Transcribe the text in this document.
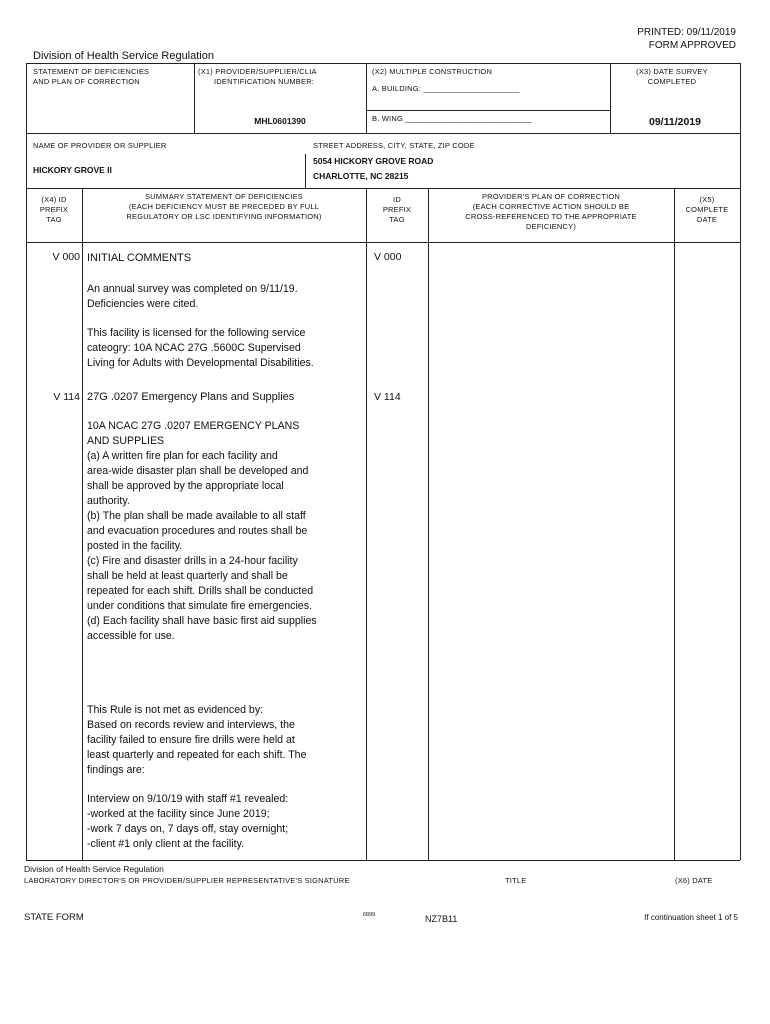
PRINTED: 09/11/2019
FORM APPROVED
Division of Health Service Regulation
STATEMENT OF DEFICIENCIES
AND PLAN OF CORRECTION
(X1) PROVIDER/SUPPLIER/CLIA
IDENTIFICATION NUMBER:
MHL0601390
(X2) MULTIPLE CONSTRUCTION
A. BUILDING: ______________________
B. WING _____________________________
(X3) DATE SURVEY
COMPLETED
09/11/2019
NAME OF PROVIDER OR SUPPLIER
HICKORY GROVE II
STREET ADDRESS, CITY, STATE, ZIP CODE
5054 HICKORY GROVE ROAD
CHARLOTTE, NC 28215
(X4) ID
PREFIX
TAG
SUMMARY STATEMENT OF DEFICIENCIES
(EACH DEFICIENCY MUST BE PRECEDED BY FULL
REGULATORY OR LSC IDENTIFYING INFORMATION)
ID
PREFIX
TAG
PROVIDER'S PLAN OF CORRECTION
(EACH CORRECTIVE ACTION SHOULD BE
CROSS-REFERENCED TO THE APPROPRIATE
DEFICIENCY)
(X5)
COMPLETE
DATE
V 000	V 000
INITIAL COMMENTS

An annual survey was completed on 9/11/19.
Deficiencies were cited.

This facility is licensed for the following service
cateogry: 10A NCAC 27G .5600C Supervised
Living for Adults with Developmental Disabilities.

V 114	V 114
27G .0207 Emergency Plans and Supplies

10A NCAC 27G .0207 EMERGENCY PLANS
AND SUPPLIES
(a) A written fire plan for each facility and
area-wide disaster plan shall be developed and
shall be approved by the appropriate local
authority.
(b) The plan shall be made available to all staff
and evacuation procedures and routes shall be
posted in the facility.
(c) Fire and disaster drills in a 24-hour facility
shall be held at least quarterly and shall be
repeated for each shift. Drills shall be conducted
under conditions that simulate fire emergencies.
(d) Each facility shall have basic first aid supplies
accessible for use.

This Rule is not met as evidenced by:
Based on records review and interviews, the
facility failed to ensure fire drills were held at
least quarterly and repeated for each shift. The
findings are:

Interview on 9/10/19 with staff #1 revealed:
-worked at the facility since June 2019;
-work 7 days on, 7 days off, stay overnight;
-client #1 only client at the facility.

Division of Health Service Regulation
LABORATORY DIRECTOR'S OR PROVIDER/SUPPLIER REPRESENTATIVE'S SIGNATURE	TITLE	(X6) DATE
STATE FORM	6899	NZ7B11	If continuation sheet 1 of 5
